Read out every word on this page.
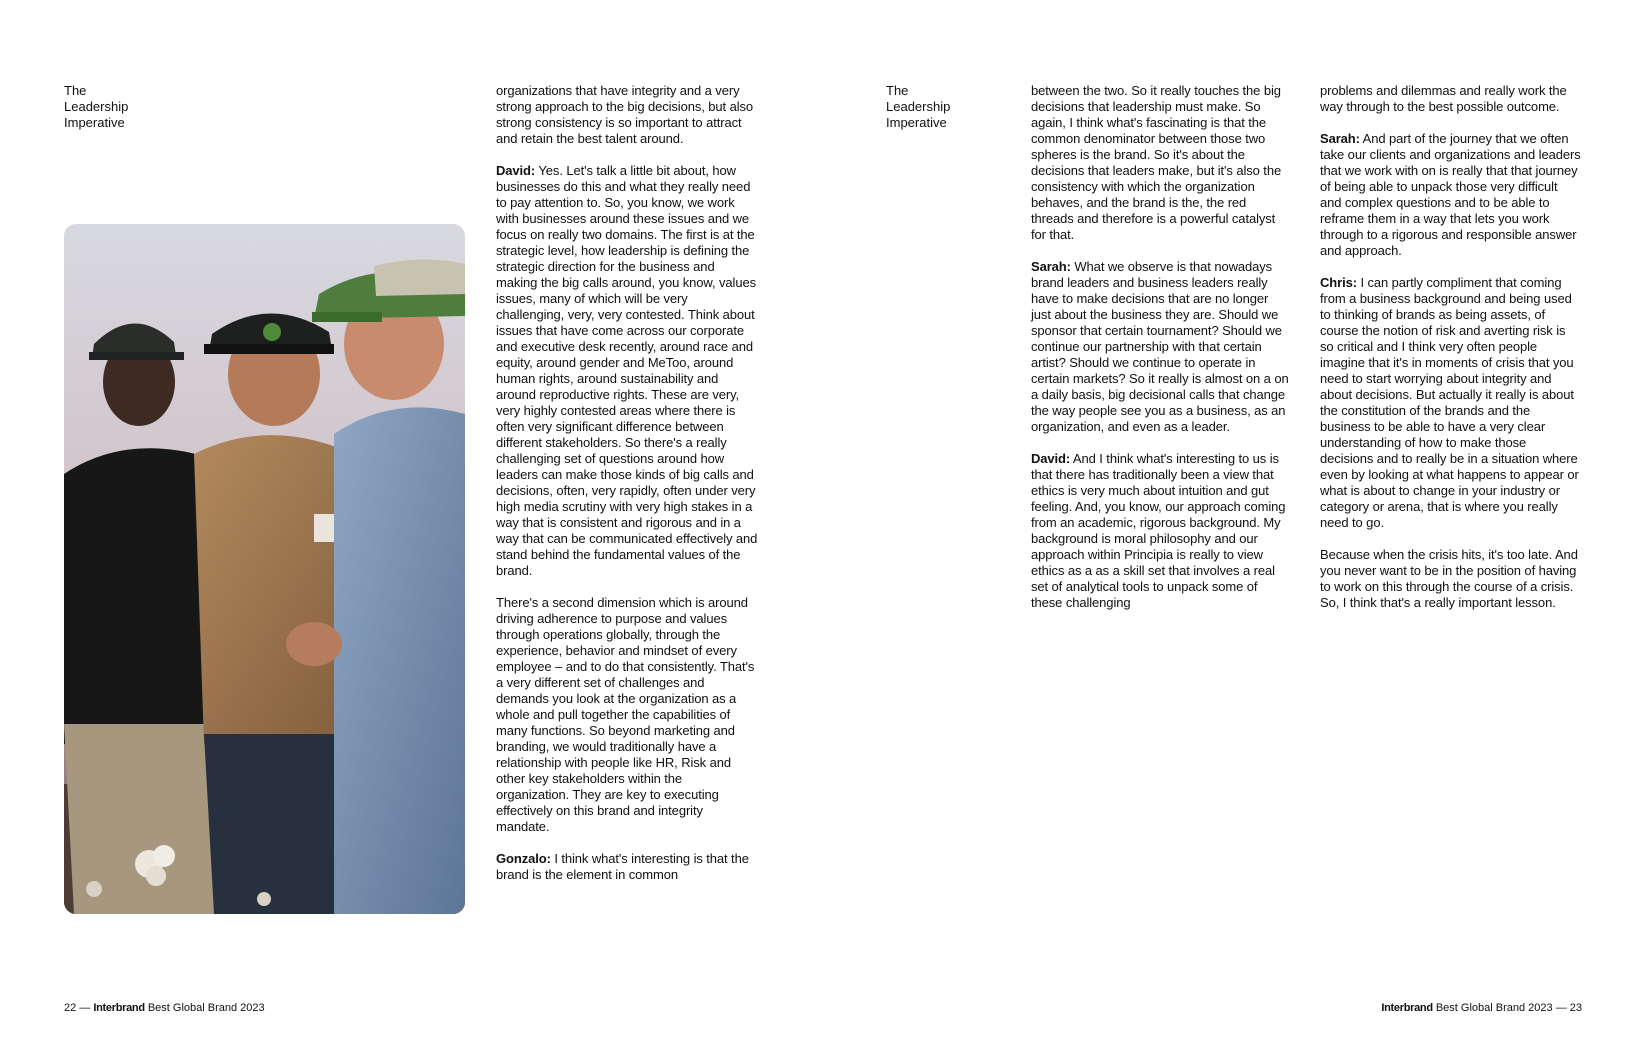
The
Leadership
Imperative

organizations that have integrity and a very strong approach to the big decisions, but also strong consistency is so important to attract and retain the best talent around.

David: Yes. Let's talk a little bit about, how businesses do this and what they really need to pay attention to. So, you know, we work with businesses around these issues and we focus on really two domains. The first is at the strategic level, how leadership is defining the strategic direction for the business and making the big calls around, you know, values issues, many of which will be very challenging, very, very contested. Think about issues that have come across our corporate and executive desk recently, around race and equity, around gender and MeToo, around human rights, around sustainability and around reproductive rights. These are very, very highly contested areas where there is often very significant difference between different stakeholders. So there's a really challenging set of questions around how leaders can make those kinds of big calls and decisions, often, very rapidly, often under very high media scrutiny with very high stakes in a way that is consistent and rigorous and in a way that can be communicated effectively and stand behind the fundamental values of the brand.

There's a second dimension which is around driving adherence to purpose and values through operations globally, through the experience, behavior and mindset of every employee – and to do that consistently. That's a very different set of challenges and demands you look at the organization as a whole and pull together the capabilities of many functions. So beyond marketing and branding, we would traditionally have a relationship with people like HR, Risk and other key stakeholders within the organization. They are key to executing effectively on this brand and integrity mandate.

Gonzalo: I think what's interesting is that the brand is the element in common

22 — Interbrand Best Global Brand 2023
The
Leadership
Imperative

between the two. So it really touches the big decisions that leadership must make. So again, I think what's fascinating is that the common denominator between those two spheres is the brand. So it's about the decisions that leaders make, but it's also the consistency with which the organization behaves, and the brand is the, the red threads and therefore is a powerful catalyst for that.

Sarah: What we observe is that nowadays brand leaders and business leaders really have to make decisions that are no longer just about the business they are. Should we sponsor that certain tournament? Should we continue our partnership with that certain artist? Should we continue to operate in certain markets? So it really is almost on a on a daily basis, big decisional calls that change the way people see you as a business, as an organization, and even as a leader.

David: And I think what's interesting to us is that there has traditionally been a view that ethics is very much about intuition and gut feeling. And, you know, our approach coming from an academic, rigorous background. My background is moral philosophy and our approach within Principia is really to view ethics as a as a skill set that involves a real set of analytical tools to unpack some of these challenging

problems and dilemmas and really work the way through to the best possible outcome.

Sarah: And part of the journey that we often take our clients and organizations and leaders that we work with on is really that that journey of being able to unpack those very difficult and complex questions and to be able to reframe them in a way that lets you work through to a rigorous and responsible answer and approach.

Chris: I can partly compliment that coming from a business background and being used to thinking of brands as being assets, of course the notion of risk and averting risk is so critical and I think very often people imagine that it's in moments of crisis that you need to start worrying about integrity and about decisions. But actually it really is about the constitution of the brands and the business to be able to have a very clear understanding of how to make those decisions and to really be in a situation where even by looking at what happens to appear or what is about to change in your industry or category or arena, that is where you really need to go.

Because when the crisis hits, it's too late. And you never want to be in the position of having to work on this through the course of a crisis. So, I think that's a really important lesson.

Interbrand Best Global Brand 2023 — 23
